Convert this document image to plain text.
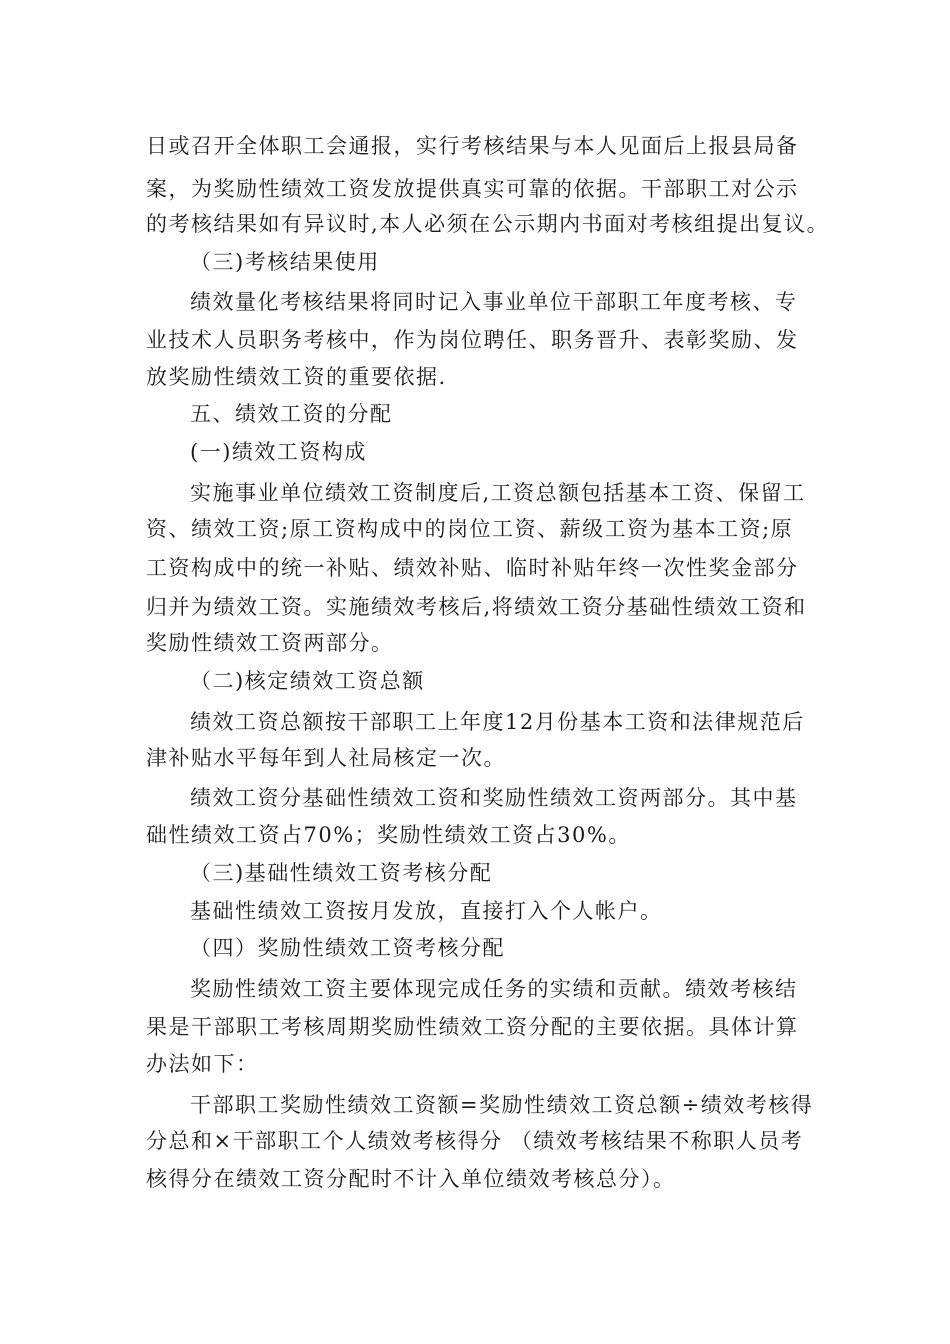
日或召开全体职工会通报，实行考核结果与本人见面后上报县局备
案，为奖励性绩效工资发放提供真实可靠的依据。干部职工对公示
的考核结果如有异议时,本人必须在公示期内书面对考核组提出复议。
（三)考核结果使用
绩效量化考核结果将同时记入事业单位干部职工年度考核、专
业技术人员职务考核中，作为岗位聘任、职务晋升、表彰奖励、发
放奖励性绩效工资的重要依据.
五、绩效工资的分配
(一)绩效工资构成
实施事业单位绩效工资制度后,工资总额包括基本工资、保留工
资、绩效工资;原工资构成中的岗位工资、薪级工资为基本工资;原
工资构成中的统一补贴、绩效补贴、临时补贴年终一次性奖金部分
归并为绩效工资。实施绩效考核后,将绩效工资分基础性绩效工资和
奖励性绩效工资两部分。
（二)核定绩效工资总额
绩效工资总额按干部职工上年度12月份基本工资和法律规范后
津补贴水平每年到人社局核定一次。
绩效工资分基础性绩效工资和奖励性绩效工资两部分。其中基
础性绩效工资占70%；奖励性绩效工资占30%。
（三)基础性绩效工资考核分配
基础性绩效工资按月发放，直接打入个人帐户。
（四）奖励性绩效工资考核分配
奖励性绩效工资主要体现完成任务的实绩和贡献。绩效考核结
果是干部职工考核周期奖励性绩效工资分配的主要依据。具体计算
办法如下：
干部职工奖励性绩效工资额=奖励性绩效工资总额÷绩效考核得
分总和×干部职工个人绩效考核得分 （绩效考核结果不称职人员考
核得分在绩效工资分配时不计入单位绩效考核总分）。
